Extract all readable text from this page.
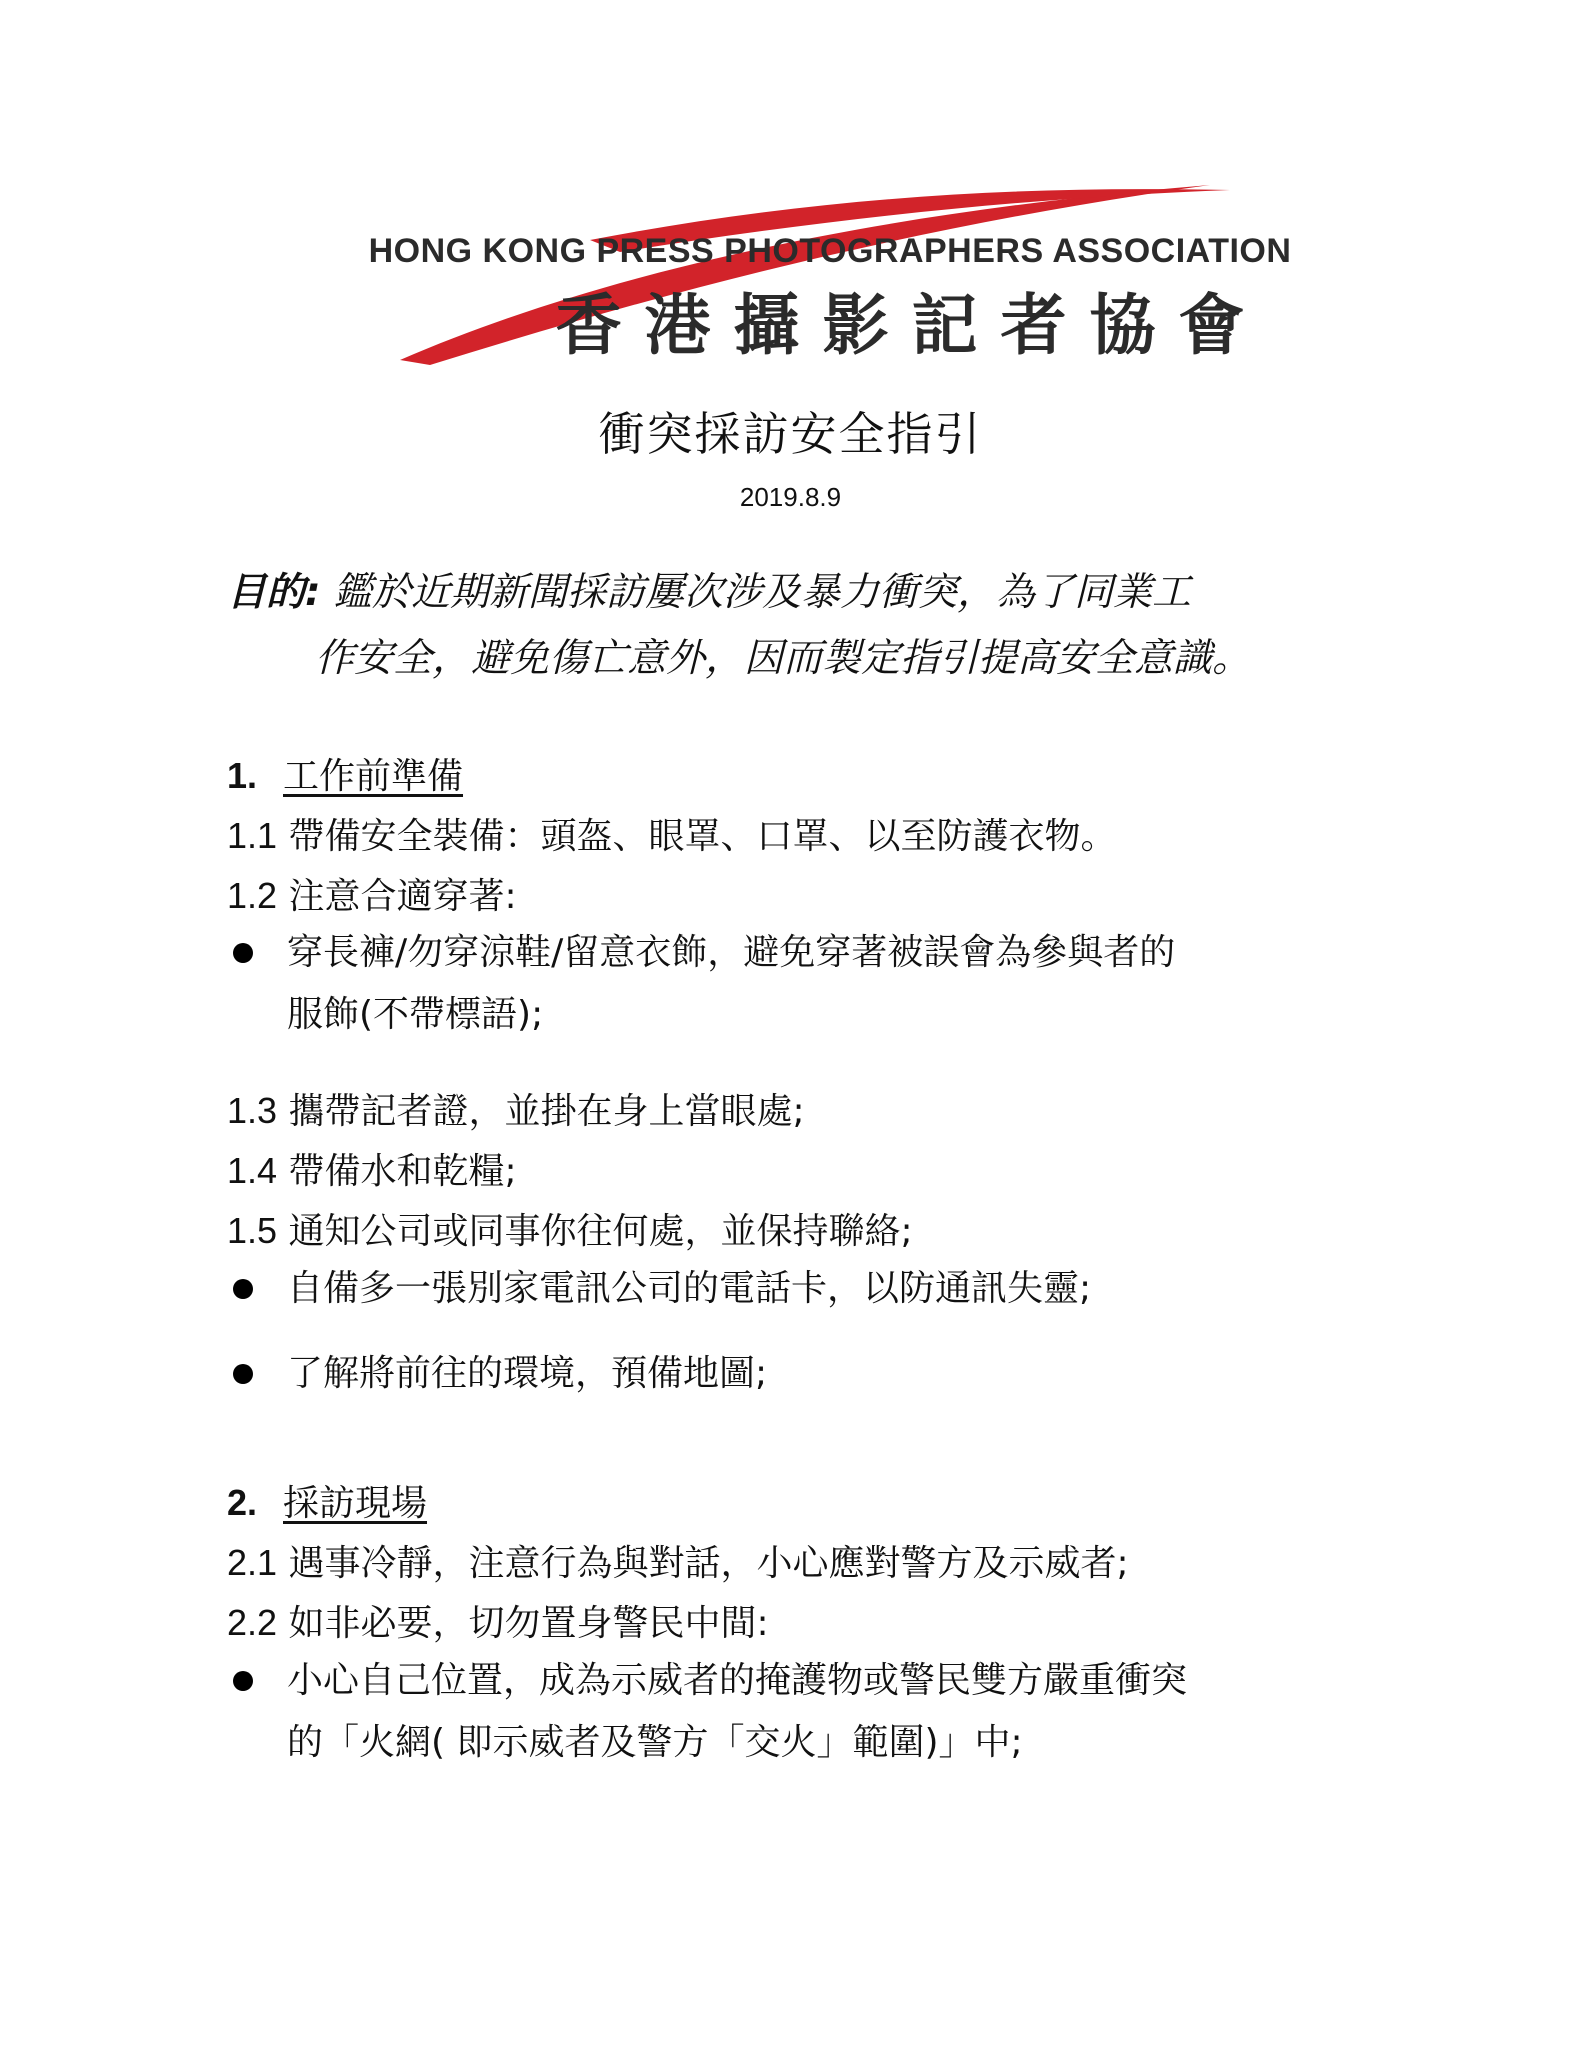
HONG KONG PRESS PHOTOGRAPHERS ASSOCIATION
香 港 攝 影 記 者 協 會
衝突採訪安全指引
2019.8.9
目的: 鑑於近期新聞採訪屢次涉及暴力衝突，為了同業工
作安全，避免傷亡意外，因而製定指引提高安全意識。
1. 工作前準備
1.1 帶備安全裝備：頭盔、眼罩、口罩、以至防護衣物。
1.2 注意合適穿著:
穿長褲/勿穿涼鞋/留意衣飾，避免穿著被誤會為參與者的
服飾(不帶標語);
1.3 攜帶記者證，並掛在身上當眼處;
1.4 帶備水和乾糧;
1.5 通知公司或同事你往何處，並保持聯絡;
自備多一張別家電訊公司的電話卡，以防通訊失靈;
了解將前往的環境，預備地圖;
2. 採訪現場
2.1 遇事冷靜，注意行為與對話，小心應對警方及示威者;
2.2 如非必要，切勿置身警民中間:
小心自己位置，成為示威者的掩護物或警民雙方嚴重衝突
的「火網( 即示威者及警方「交火」範圍)」中;
